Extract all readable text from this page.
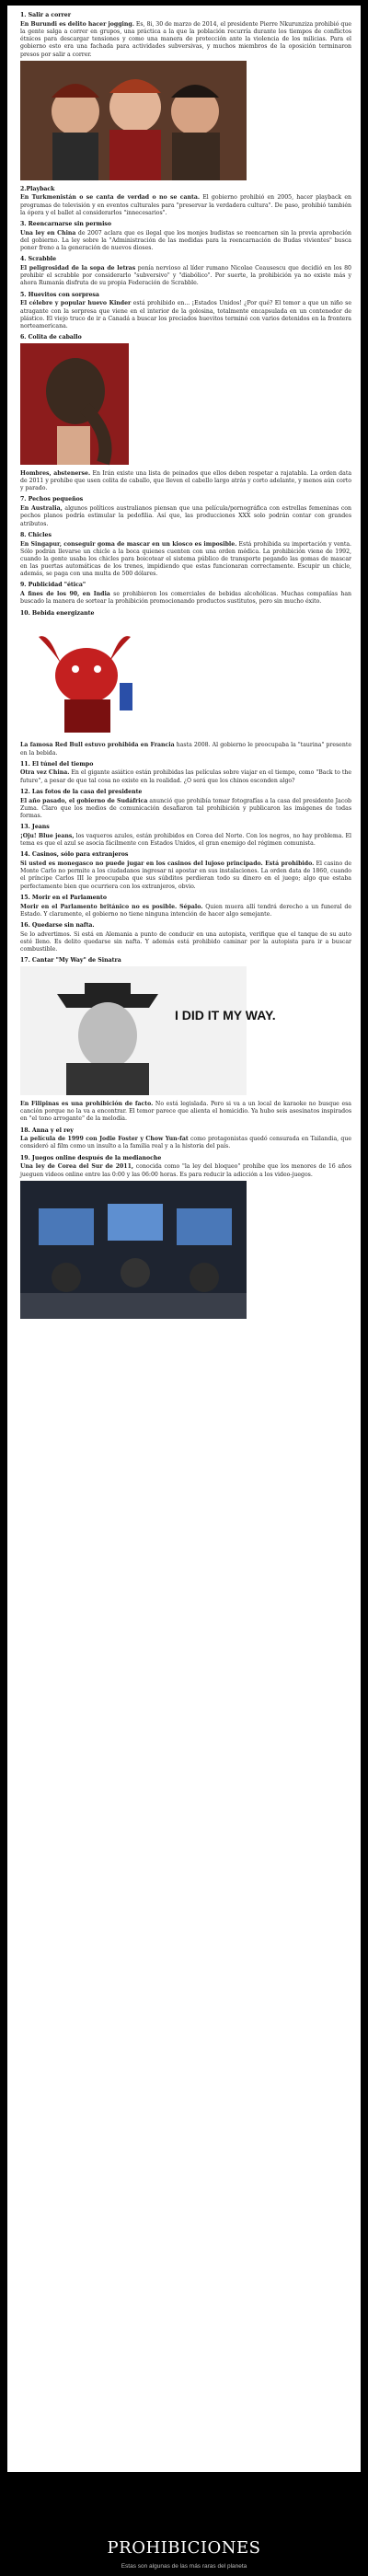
1. Salir a correr
En Burundi es delito hacer jogging. Es, 8i, 30 de marzo de 2014, el presidente Pierre Nkurunziza prohibió que la gente salga a correr en grupos, una práctica a la que la población recurría durante los tiempos de conflictos étnicos para descargar tensiones y como una manera de protección ante la violencia de los milicias. Para el gobierno esto era una fachada para actividades subversivas, y muchos miembros de la oposición terminaron presos por salir a correr.
2.Playback
En Turkmenistán o se canta de verdad o no se canta. El gobierno prohibió en 2005, hacer playback en programas de televisión y en eventos culturales para "preservar la verdadera cultura". De paso, prohibió también la ópera y el ballet al considerarlos "innecesarios".
3. Reencarnarse sin permiso
Una ley en China de 2007 aclara que es ilegal que los monjes budistas se reencarnen sin la previa aprobación del gobierno. La ley sobre la "Administración de las medidas para la reencarnación de Budas vivientes" busca poner freno a la generación de nuevos dioses.
4. Scrabble
El peligrosidad de la sopa de letras ponía nervioso al líder rumano Nicolae Ceausescu que decidió en los 80 prohibir el scrabble por considerarlo "subversivo" y "diabólico". Por suerte, la prohibición ya no existe más y ahora Rumanía disfruta de su propia Federación de Scrabble.
5. Huevitos con sorpresa
El célebre y popular huevo Kinder está prohibido en... ¡Estados Unidos! ¿Por qué? El temor a que un niño se atragante con la sorpresa que viene en el interior de la golosina, totalmente encapsulada en un contenedor de plástico. El viejo truco de ir a Canadá a buscar los preciados huevitos terminó con varios detenidos en la frontera norteamericana.
6. Colita de caballo
Hombres, abstenerse. En Irán existe una lista de peinados que ellos deben respetar a rajatabla. La orden data de 2011 y prohíbe que usen colita de caballo, que lleven el cabello largo atrás y corto adelante, y menos aún corto y parado.
7. Pechos pequeños
En Australia, algunos políticos australianos piensan que una película/pornográfica con estrellas femeninas con pechos planos podría estimular la pedofilia. Así que, las producciones XXX solo podrán contar con grandes atributos.
8. Chicles
En Singapur, conseguir goma de mascar en un kiosco es imposible. Está prohibida su importación y venta. Sólo podrán llevarse un chicle a la boca quienes cuenten con una orden médica. La prohibición viene de 1992, cuando la gente usaba los chicles para boicotear el sistema público de transporte pegando las gomas de mascar en las puertas automáticas de los trenes, impidiendo que estas funcionaran correctamente. Escupir un chicle, además, se paga con una multa de 500 dólares.
9. Publicidad "ética"
A fines de los 90, en India se prohibieron los comerciales de bebidas alcohólicas. Muchas compañías han buscado la manera de sortear la prohibición promocionando productos sustitutos, pero sin mucho éxito.
10. Bebida energizante
La famosa Red Bull estuvo prohibida en Francia hasta 2008. Al gobierno le preocupaba la "taurina" presente en la bebida.
11. El túnel del tiempo
Otra vez China. En el gigante asiático están prohibidas las películas sobre viajar en el tiempo, como "Back to the future", a pesar de que tal cosa no existe en la realidad. ¿O será que los chinos esconden algo?
12. Las fotos de la casa del presidente
El año pasado, el gobierno de Sudáfrica anunció que prohibía tomar fotografías a la casa del presidente Jacob Zuma. Claro que los medios de comunicación desafiaron tal prohibición y publicaron las imágenes de todas formas.
13. Jeans
¡Oju! Blue jeans, los vaqueros azules, están prohibidos en Corea del Norte. Con los negros, no hay problema. El tema es que el azul se asocia fácilmente con Estados Unidos, el gran enemigo del régimen comunista.
14. Casinos, sólo para extranjeros
Si usted es monegasco no puede jugar en los casinos del lujoso principado. Está prohibido. El casino de Monte Carlo no permite a los ciudadanos ingresar ni apostar en sus instalaciones. La orden data de 1860, cuando el príncipe Carlos III le preocupaba que sus súbditos perdieran todo su dinero en el juego; algo que estaba perfectamente bien que ocurriera con los extranjeros, obvio.
15. Morir en el Parlamento
Morir en el Parlamento británico no es posible. Sépalo. Quien muera allí tendrá derecho a un funeral de Estado. Y claramente, el gobierno no tiene ninguna intención de hacer algo semejante.
16. Quedarse sin nafta.
Se lo advertimos. Si está en Alemania a punto de conducir en una autopista, verifique que el tanque de su auto esté lleno. Es delito quedarse sin nafta. Y además está prohibido caminar por la autopista para ir a buscar combustible.
17. Cantar "My Way" de Sinatra
I DID IT MY WAY.
En Filipinas es una prohibición de facto. No está legislada. Pero si va a un local de karaoke no busque esa canción porque no la va a encontrar. El temor parece que alienta el homicidio. Ya hubo seis asesinatos inspirados en "el tono arrogante" de la melodía.
18. Anna y el rey
La película de 1999 con Jodie Foster y Chow Yun-fat como protagonistas quedó censurada en Tailandia, que consideró al film como un insulto a la familia real y a la historia del país.
19. Juegos online después de la medianoche
Una ley de Corea del Sur de 2011, conocida como "la ley del bloqueo" prohíbe que los menores de 16 años jueguen videos online entre las 0:00 y las 06:00 horas. Es para reducir la adicción a los video-juegos.
PROHIBICIONES
Estas son algunas de las más raras del planeta
